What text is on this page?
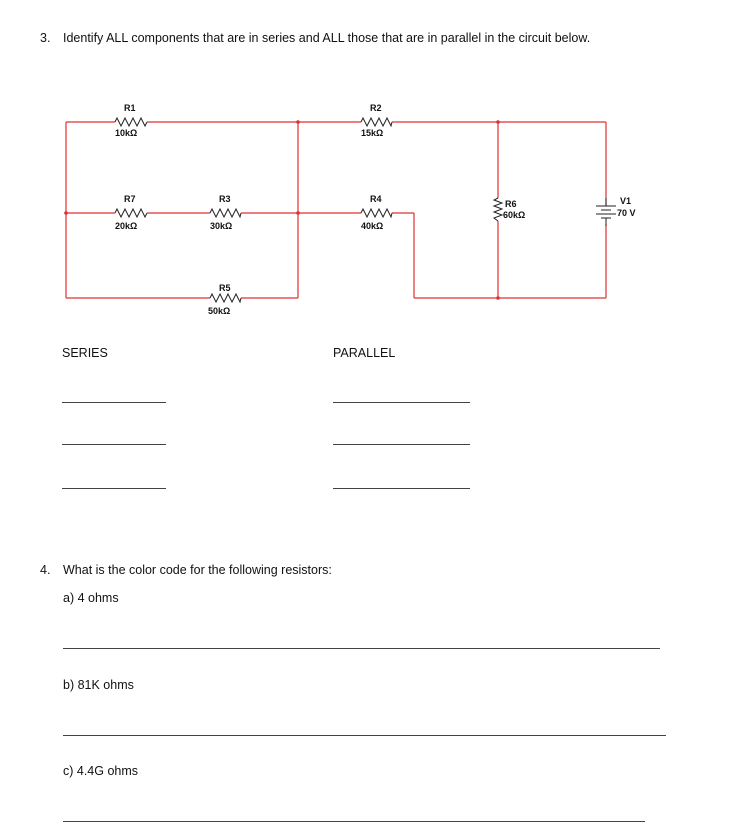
3. Identify ALL components that are in series and ALL those that are in parallel in the circuit below.
R1
10kΩ
R2
15kΩ
R7
20kΩ
R3
30kΩ
R4
40kΩ
R6
60kΩ
V1
70 V
R5
50kΩ
SERIES	PARALLEL
4. What is the color code for the following resistors:
a) 4 ohms
b) 81K ohms
c) 4.4G ohms
